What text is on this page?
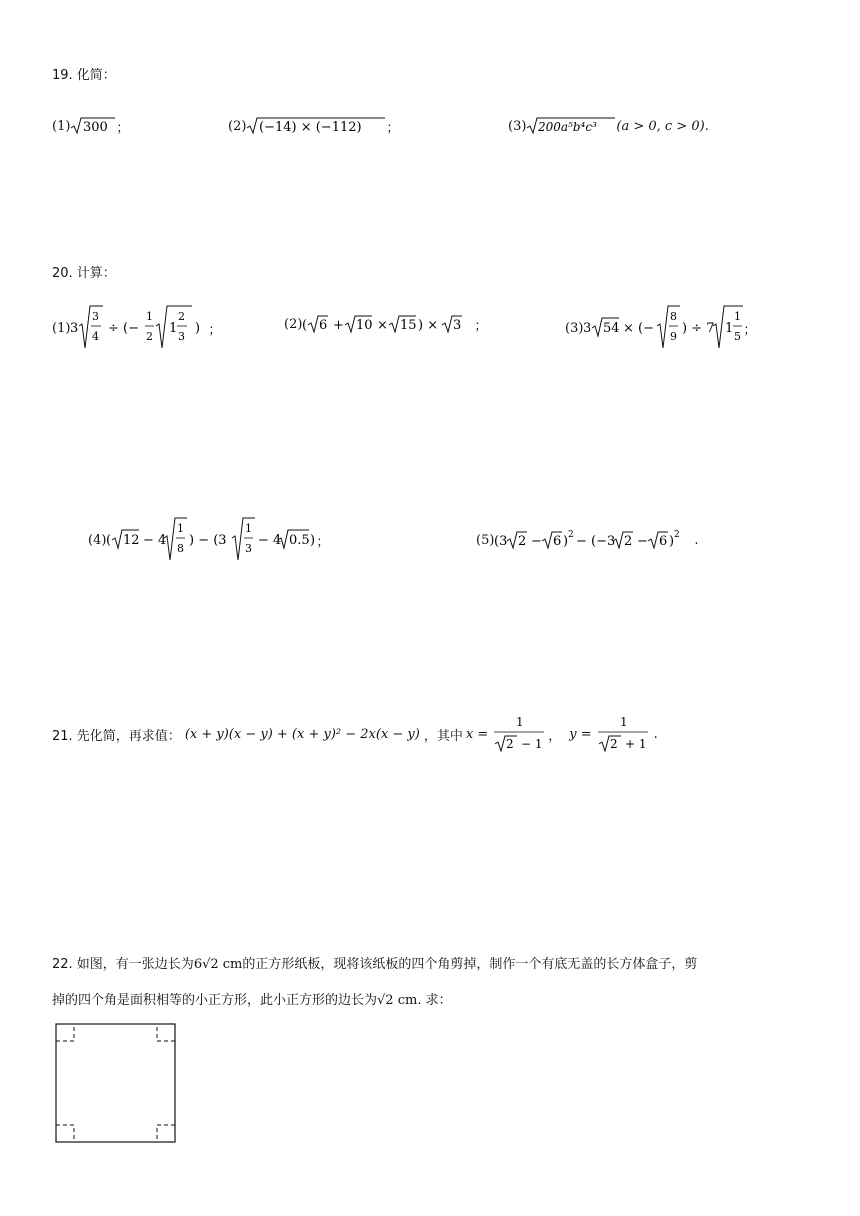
19. 化简：
(1) 300 ；	(2) (−14) × (−112) ；	(3) 200a⁵b⁴c³ (a > 0, c > 0) .
20. 计算：
(1) 3
3
4
÷ (−
1
2
1
2
3
) ；	(2) ( 6 + 10 × 15 ) × 3 ；	(3) 3 54 × (−
8
9
) ÷ 7 1
1
5 ；
(4) ( 12 − 4
1
8
) − (3
1
3
− 4 0.5 ) ；	(5) (3 2 − 6 ) 2 − (−3 2 − 6 ) 2 .
21. 先化简，再求值： (x + y)(x − y) + (x + y)² − 2x(x − y) ，其中 x =
1
2 − 1
， y =
1
2 + 1
.
22. 如图，有一张边长为6√2 cm的正方形纸板，现将该纸板的四个角剪掉，制作一个有底无盖的长方体盒子，剪
掉的四个角是面积相等的小正方形，此小正方形的边长为√2 cm. 求：
